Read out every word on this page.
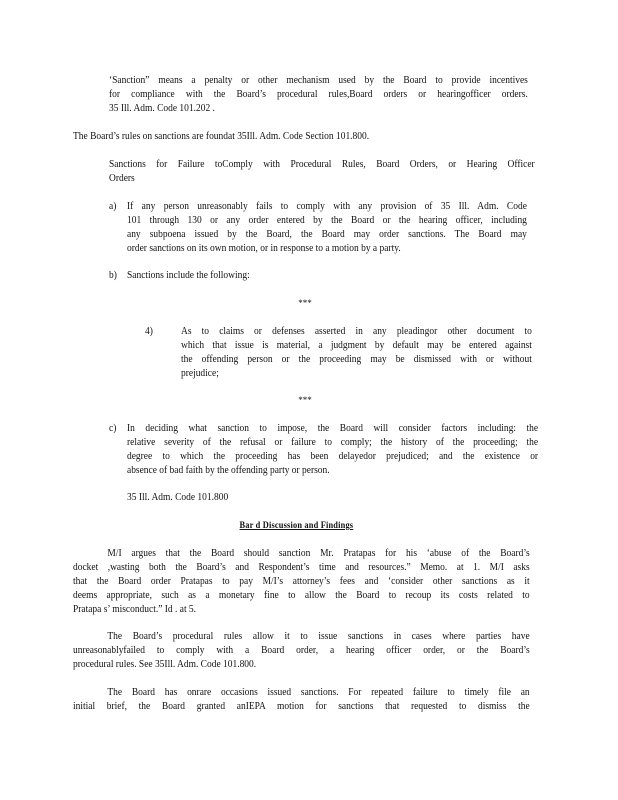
‘Sanction” means a penalty or other mechanism used by the Board to provide incentives
for compliance with the Board’s procedural rules,Board orders or hearingofficer orders.
35 Ill. Adm. Code 101.202 .
The Board’s rules on sanctions are foundat 35Ill. Adm. Code Section 101.800.
Sanctions for Failure toComply with Procedural Rules, Board Orders, or Hearing Officer
Orders
a) If any person unreasonably fails to comply with any provision of 35 Ill. Adm. Code
101 through 130 or any order entered by the Board or the hearing officer, including
any subpoena issued by the Board, the Board may order sanctions. The Board may
order sanctions on its own motion, or in response to a motion by a party.
b) Sanctions include the following:
***
4)	As to claims or defenses asserted in any pleadingor other document to
which that issue is material, a judgment by default may be entered against
the offending person or the proceeding may be dismissed with or without
prejudice;
***
c) In deciding what sanction to impose, the Board will consider factors including: the
relative severity of the refusal or failure to comply; the history of the proceeding; the
degree to which the proceeding has been delayedor prejudiced; and the existence or
absence of bad faith by the offending party or person.
35 Ill. Adm. Code 101.800
Bar d Discussion and Findings
M/I argues that the Board should sanction Mr. Pratapas for his ‘abuse of the Board’s
docket ,wasting both the Board’s and Respondent’s time and resources.” Memo. at 1. M/I asks
that the Board order Pratapas to pay M/I’s attorney’s fees and ‘consider other sanctions as it
deems appropriate, such as a monetary fine to allow the Board to recoup its costs related to
Pratapa s’ misconduct.” Id . at 5.
The Board’s procedural rules allow it to issue sanctions in cases where parties have
unreasonablyfailed to comply with a Board order, a hearing officer order, or the Board’s
procedural rules. See 35Ill. Adm. Code 101.800.
The Board has onrare occasions issued sanctions. For repeated failure to timely file an
initial brief, the Board granted anIEPA motion for sanctions that requested to dismiss the
